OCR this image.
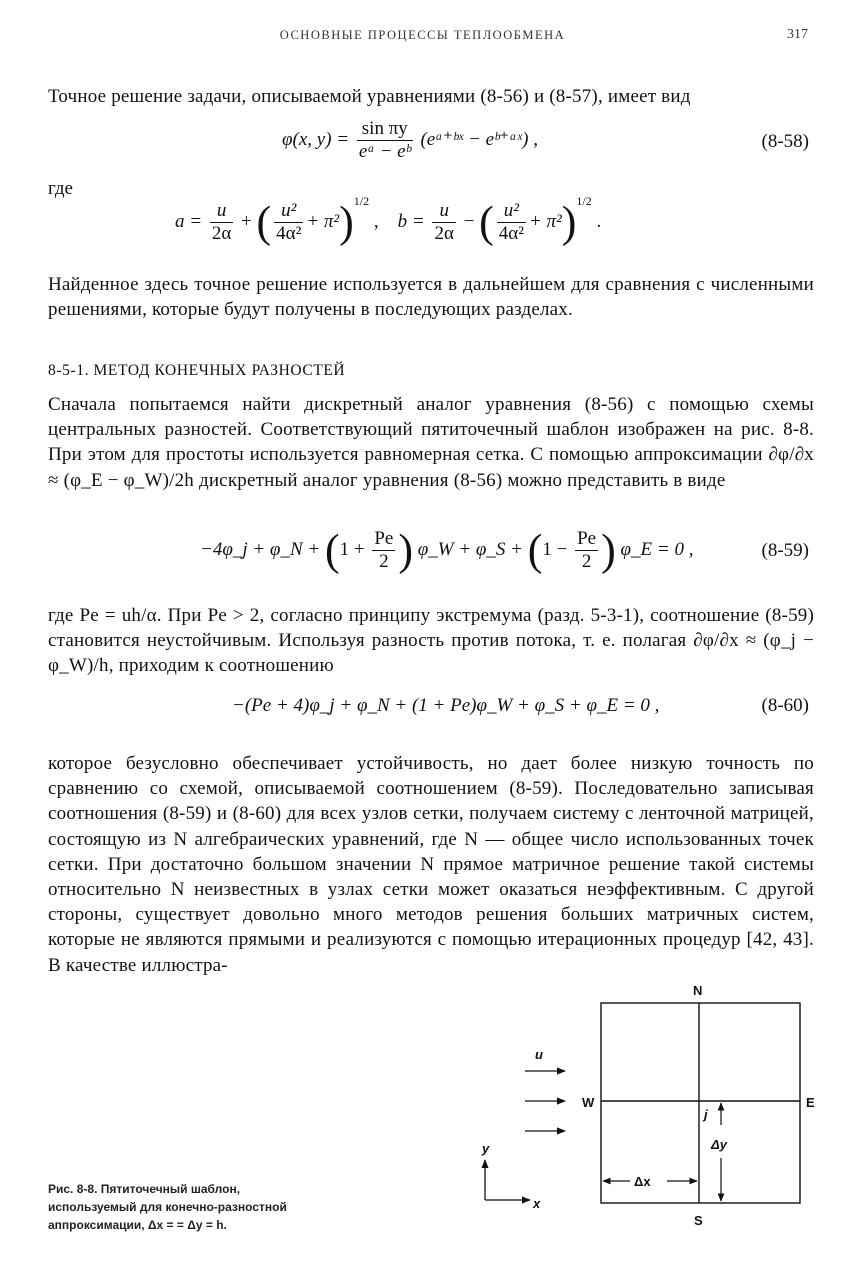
ОСНОВНЫЕ ПРОЦЕССЫ ТЕПЛООБМЕНА	317
Точное решение задачи, описываемой уравнениями (8-56) и (8-57), имеет вид
φ(x, $y) = \frac{\text{sin πy}}{\text{eᵃ − eᵇ}}$ (eᵃ⁺ᵇˣ − eᵇ⁺ᵃˣ) ,	(8-58)
где
$a = \frac{u}{2\alpha}$ + ( $\frac{\text{u²}}{\text{4α²}} + \pi^2)^{1/2}$ ,    $b = \frac{u}{2\alpha}$ − ( $\frac{\text{u²}}{\text{4α²}} + \pi^2)^{1/2}$ .
Найденное здесь точное решение используется в дальнейшем для сравнения с численными решениями, которые будут получены в последующих разделах.
8-5-1. МЕТОД КОНЕЧНЫХ РАЗНОСТЕЙ
Сначала попытаемся найти дискретный аналог уравнения (8-56) с помощью схемы центральных разностей. Соответствующий пятиточечный шаблон изображен на рис. 8-8. При этом для простоты используется равномерная сетка. С помощью аппроксимации ∂φ/∂x ≈ (φ_E − φ_W)/2h дискретный аналог уравнения (8-56) можно представить в виде
−4φ_j + φ_N + ($1 + \frac{Pe}{2}$ ) φ_W + φ_S + ($1 - \frac{Pe}{2}$ ) φ_E = 0 ,	(8-59)
где Pe = uh/α. При Pe > 2, согласно принципу экстремума (разд. 5-3-1), соотношение (8-59) становится неустойчивым. Используя разность против потока, т. е. полагая ∂φ/∂x ≈ (φ_j − φ_W)/h, приходим к соотношению
−(Pe + 4)φ_j + φ_N + (1 + Pe)φ_W + φ_S + φ_E = 0 ,	(8-60)
которое безусловно обеспечивает устойчивость, но дает более низкую точность по сравнению со схемой, описываемой соотношением (8-59). Последовательно записывая соотношения (8-59) и (8-60) для всех узлов сетки, получаем систему с ленточной матрицей, состоящую из N алгебраических уравнений, где N — общее число использованных точек сетки. При достаточно большом значении N прямое матричное решение такой системы относительно N неизвестных в узлах сетки может оказаться неэффективным. С другой стороны, существует довольно много методов решения больших матричных систем, которые не являются прямыми и реализуются с помощью итерационных процедур [42, 43]. В качестве иллюстра-
N
S
W	E
j
u
y
x
Δx
Δy
Рис. 8-8. Пятиточечный шаблон, используемый для конечно-разностной аппроксимации, Δx = = Δy = h.
